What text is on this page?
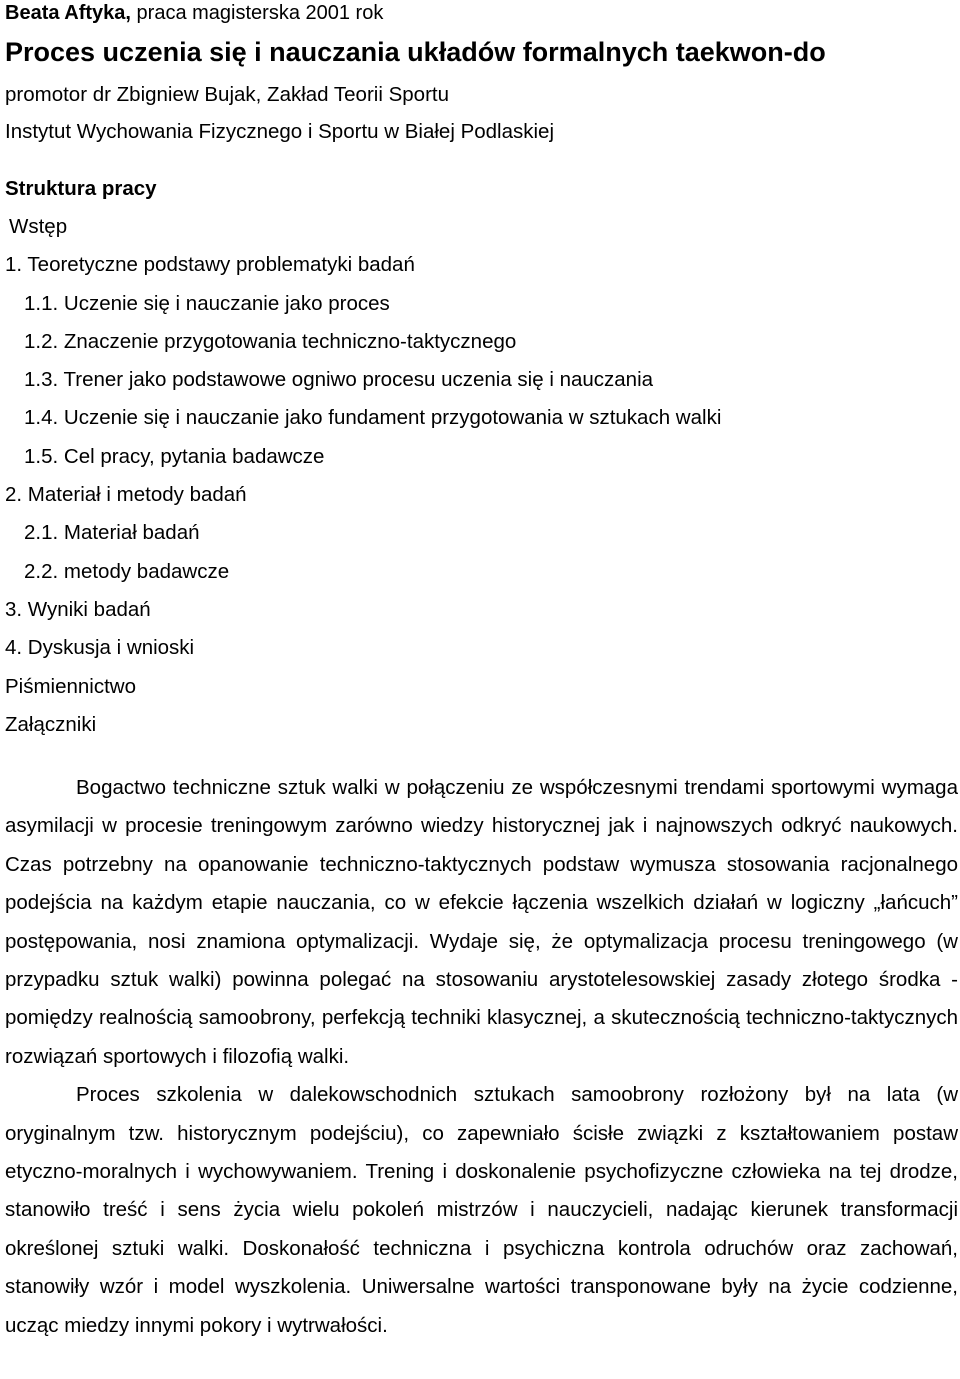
Beata Aftyka, praca magisterska 2001 rok
Proces uczenia się i nauczania układów formalnych taekwon-do
promotor dr Zbigniew Bujak, Zakład Teorii Sportu
Instytut Wychowania Fizycznego i Sportu w Białej Podlaskiej
Struktura pracy
Wstęp
1. Teoretyczne podstawy problematyki badań
1.1. Uczenie się i nauczanie jako proces
1.2. Znaczenie przygotowania techniczno-taktycznego
1.3. Trener jako podstawowe ogniwo procesu uczenia się i nauczania
1.4. Uczenie się i nauczanie jako fundament przygotowania w sztukach walki
1.5. Cel pracy, pytania badawcze
2. Materiał i metody badań
2.1. Materiał badań
2.2. metody badawcze
3. Wyniki badań
4. Dyskusja i wnioski
Piśmiennictwo
Załączniki

Bogactwo techniczne sztuk walki w połączeniu ze współczesnymi trendami sportowymi wymaga asymilacji w procesie treningowym zarówno wiedzy historycznej jak i najnowszych odkryć naukowych. Czas potrzebny na opanowanie techniczno-taktycznych podstaw wymusza stosowania racjonalnego podejścia na każdym etapie nauczania, co w efekcie łączenia wszelkich działań w logiczny „łańcuch” postępowania, nosi znamiona optymalizacji. Wydaje się, że optymalizacja procesu treningowego (w przypadku sztuk walki) powinna polegać na stosowaniu arystotelesowskiej zasady złotego środka - pomiędzy realnością samoobrony, perfekcją techniki klasycznej, a skutecznością techniczno-taktycznych rozwiązań sportowych i filozofią walki.

Proces szkolenia w dalekowschodnich sztukach samoobrony rozłożony był na lata (w oryginalnym tzw. historycznym podejściu), co zapewniało ścisłe związki z kształtowaniem postaw etyczno-moralnych i wychowywaniem. Trening i doskonalenie psychofizyczne człowieka na tej drodze, stanowiło treść i sens życia wielu pokoleń mistrzów i nauczycieli, nadając kierunek transformacji określonej sztuki walki. Doskonałość techniczna i psychiczna kontrola odruchów oraz zachowań, stanowiły wzór i model wyszkolenia. Uniwersalne wartości transponowane były na życie codzienne, ucząc miedzy innymi pokory i wytrwałości.
